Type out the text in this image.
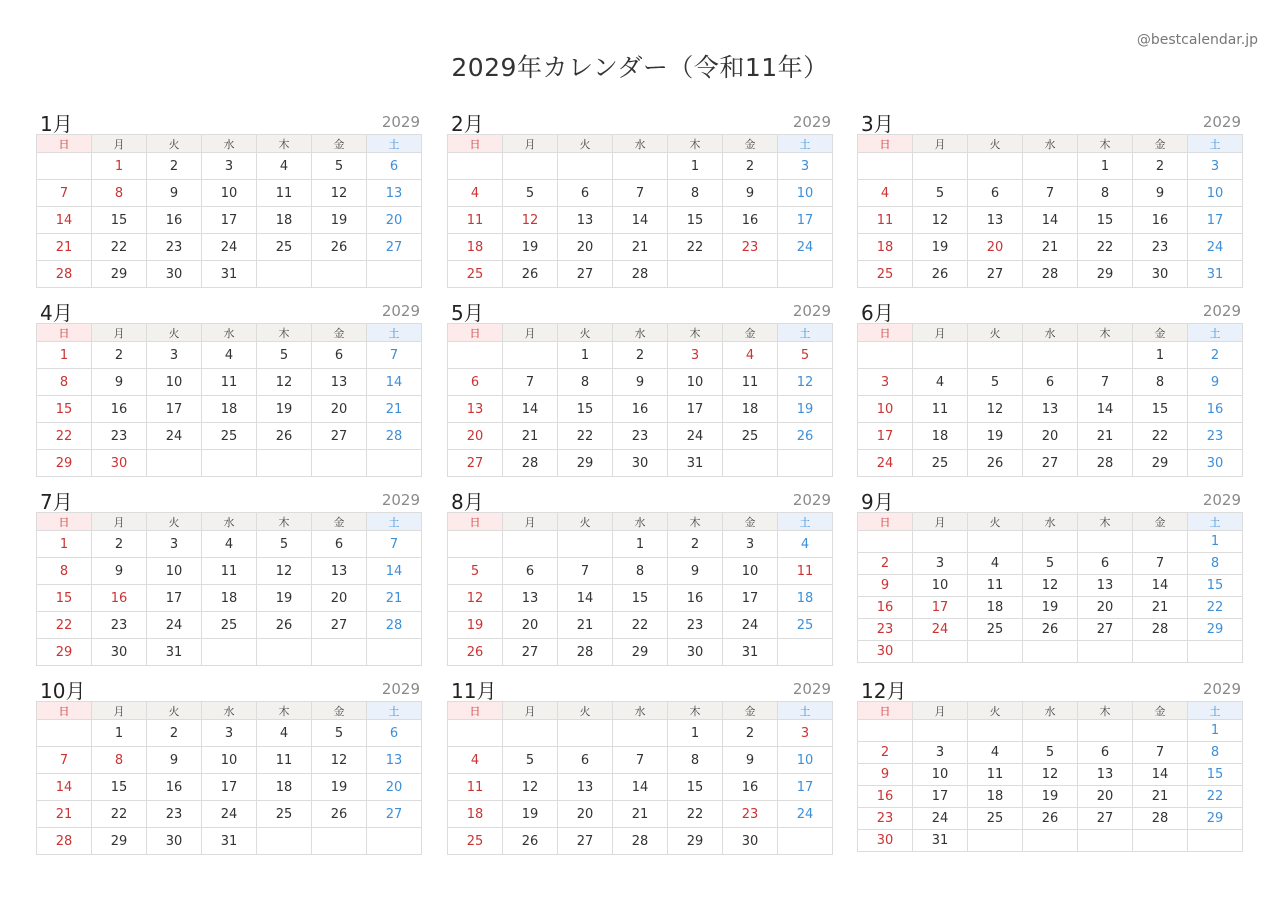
@bestcalendar.jp
2029年カレンダー（令和11年）
1月	2029
日	月	火	水	木	金	土
	1	2	3	4	5	6
7	8	9	10	11	12	13
14	15	16	17	18	19	20
21	22	23	24	25	26	27
28	29	30	31			
2月	2029
日	月	火	水	木	金	土
				1	2	3
4	5	6	7	8	9	10
11	12	13	14	15	16	17
18	19	20	21	22	23	24
25	26	27	28			
3月	2029
日	月	火	水	木	金	土
				1	2	3
4	5	6	7	8	9	10
11	12	13	14	15	16	17
18	19	20	21	22	23	24
25	26	27	28	29	30	31
4月	2029
日	月	火	水	木	金	土
1	2	3	4	5	6	7
8	9	10	11	12	13	14
15	16	17	18	19	20	21
22	23	24	25	26	27	28
29	30					
5月	2029
日	月	火	水	木	金	土
		1	2	3	4	5
6	7	8	9	10	11	12
13	14	15	16	17	18	19
20	21	22	23	24	25	26
27	28	29	30	31		
6月	2029
日	月	火	水	木	金	土
					1	2
3	4	5	6	7	8	9
10	11	12	13	14	15	16
17	18	19	20	21	22	23
24	25	26	27	28	29	30
7月	2029
日	月	火	水	木	金	土
1	2	3	4	5	6	7
8	9	10	11	12	13	14
15	16	17	18	19	20	21
22	23	24	25	26	27	28
29	30	31				
8月	2029
日	月	火	水	木	金	土
			1	2	3	4
5	6	7	8	9	10	11
12	13	14	15	16	17	18
19	20	21	22	23	24	25
26	27	28	29	30	31	
9月	2029
日	月	火	水	木	金	土
						1
2	3	4	5	6	7	8
9	10	11	12	13	14	15
16	17	18	19	20	21	22
23	24	25	26	27	28	29
30						
10月	2029
日	月	火	水	木	金	土
	1	2	3	4	5	6
7	8	9	10	11	12	13
14	15	16	17	18	19	20
21	22	23	24	25	26	27
28	29	30	31			
11月	2029
日	月	火	水	木	金	土
				1	2	3
4	5	6	7	8	9	10
11	12	13	14	15	16	17
18	19	20	21	22	23	24
25	26	27	28	29	30	
12月	2029
日	月	火	水	木	金	土
						1
2	3	4	5	6	7	8
9	10	11	12	13	14	15
16	17	18	19	20	21	22
23	24	25	26	27	28	29
30	31					
